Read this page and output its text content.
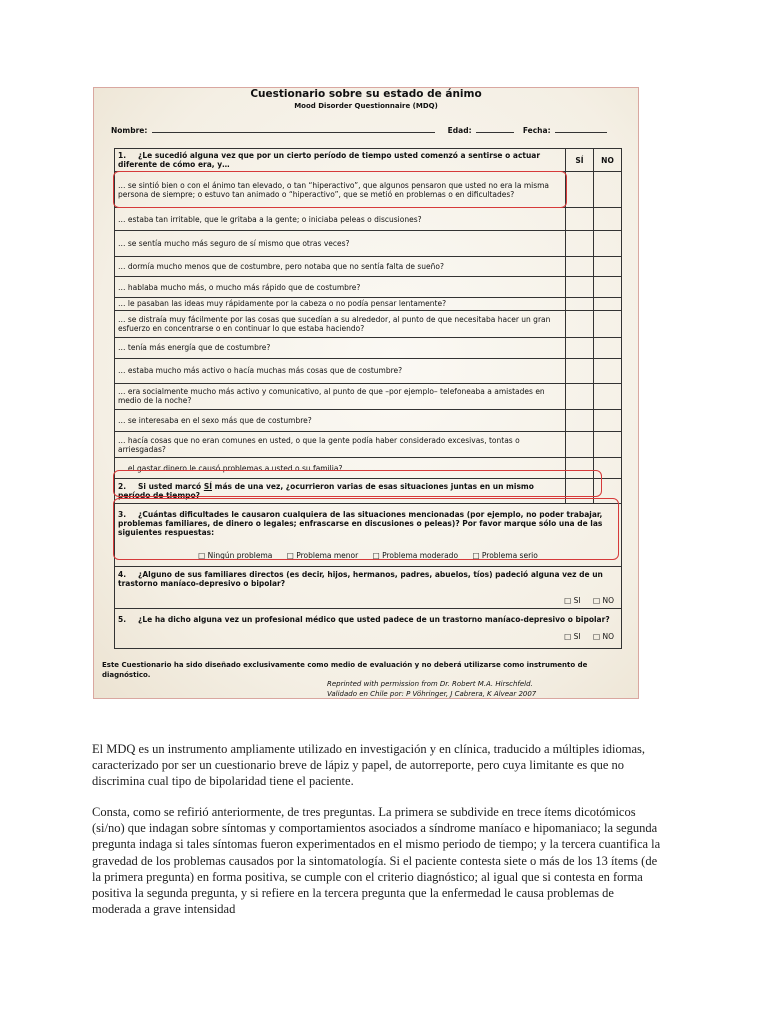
Cuestionario sobre su estado de ánimo
Mood Disorder Questionnaire (MDQ)
Nombre:	Edad:	Fecha:
1. ¿Le sucedió alguna vez que por un cierto período de tiempo usted comenzó a sentirse o actuar diferente de cómo era, y…	SÍ	NO
… se sintió bien o con el ánimo tan elevado, o tan “hiperactivo”, que algunos pensaron que usted no era la misma persona de siempre; o estuvo tan animado o “hiperactivo”, que se metió en problemas o en dificultades?		
… estaba tan irritable, que le gritaba a la gente; o iniciaba peleas o discusiones?		
… se sentía mucho más seguro de sí mismo que otras veces?		
… dormía mucho menos que de costumbre, pero notaba que no sentía falta de sueño?		
… hablaba mucho más, o mucho más rápido que de costumbre?		
… le pasaban las ideas muy rápidamente por la cabeza o no podía pensar lentamente?		
… se distraía muy fácilmente por las cosas que sucedían a su alrededor, al punto de que necesitaba hacer un gran esfuerzo en concentrarse o en continuar lo que estaba haciendo?		
… tenía más energía que de costumbre?		
… estaba mucho más activo o hacía muchas más cosas que de costumbre?		
… era socialmente mucho más activo y comunicativo, al punto de que –por ejemplo– telefoneaba a amistades en medio de la noche?		
… se interesaba en el sexo más que de costumbre?		
… hacía cosas que no eran comunes en usted, o que la gente podía haber considerado excesivas, tontas o arriesgadas?		
… el gastar dinero le causó problemas a usted o su familia?		
2. Si usted marcó SÍ más de una vez, ¿ocurrieron varias de esas situaciones juntas en un mismo período de tiempo?		

3. ¿Cuántas dificultades le causaron cualquiera de las situaciones mencionadas (por ejemplo, no poder trabajar, problemas familiares, de dinero o legales; enfrascarse en discusiones o peleas)? Por favor marque sólo una de las siguientes respuestas:
□ Ningún problema □ Problema menor □ Problema moderado □ Problema serio		

4. ¿Alguno de sus familiares directos (es decir, hijos, hermanos, padres, abuelos, tíos) padeció alguna vez de un trastorno maníaco-depresivo o bipolar?
□ SI □ NO		

5. ¿Le ha dicho alguna vez un profesional médico que usted padece de un trastorno maníaco-depresivo o bipolar?
□ SI □ NO		
Este Cuestionario ha sido diseñado exclusivamente como medio de evaluación y no deberá utilizarse como instrumento de diagnóstico.
Reprinted with permission from Dr. Robert M.A. Hirschfeld.
Validado en Chile por: P Vöhringer, J Cabrera, K Alvear 2007

El MDQ es un instrumento ampliamente utilizado en investigación y en clínica, traducido a múltiples idiomas, caracterizado por ser un cuestionario breve de lápiz y papel, de autorreporte, pero cuya limitante es que no discrimina cual tipo de bipolaridad tiene el paciente.

Consta, como se refirió anteriormente, de tres preguntas. La primera se subdivide en trece ítems dicotómicos (si/no) que indagan sobre síntomas y comportamientos asociados a síndrome maníaco e hipomaniaco; la segunda pregunta indaga si tales síntomas fueron experimentados en el mismo periodo de tiempo; y la tercera cuantifica la gravedad de los problemas causados por la sintomatología. Si el paciente contesta siete o más de los 13 ítems (de la primera pregunta) en forma positiva, se cumple con el criterio diagnóstico; al igual que si contesta en forma positiva la segunda pregunta, y si refiere en la tercera pregunta que la enfermedad le causa problemas de moderada a grave intensidad
